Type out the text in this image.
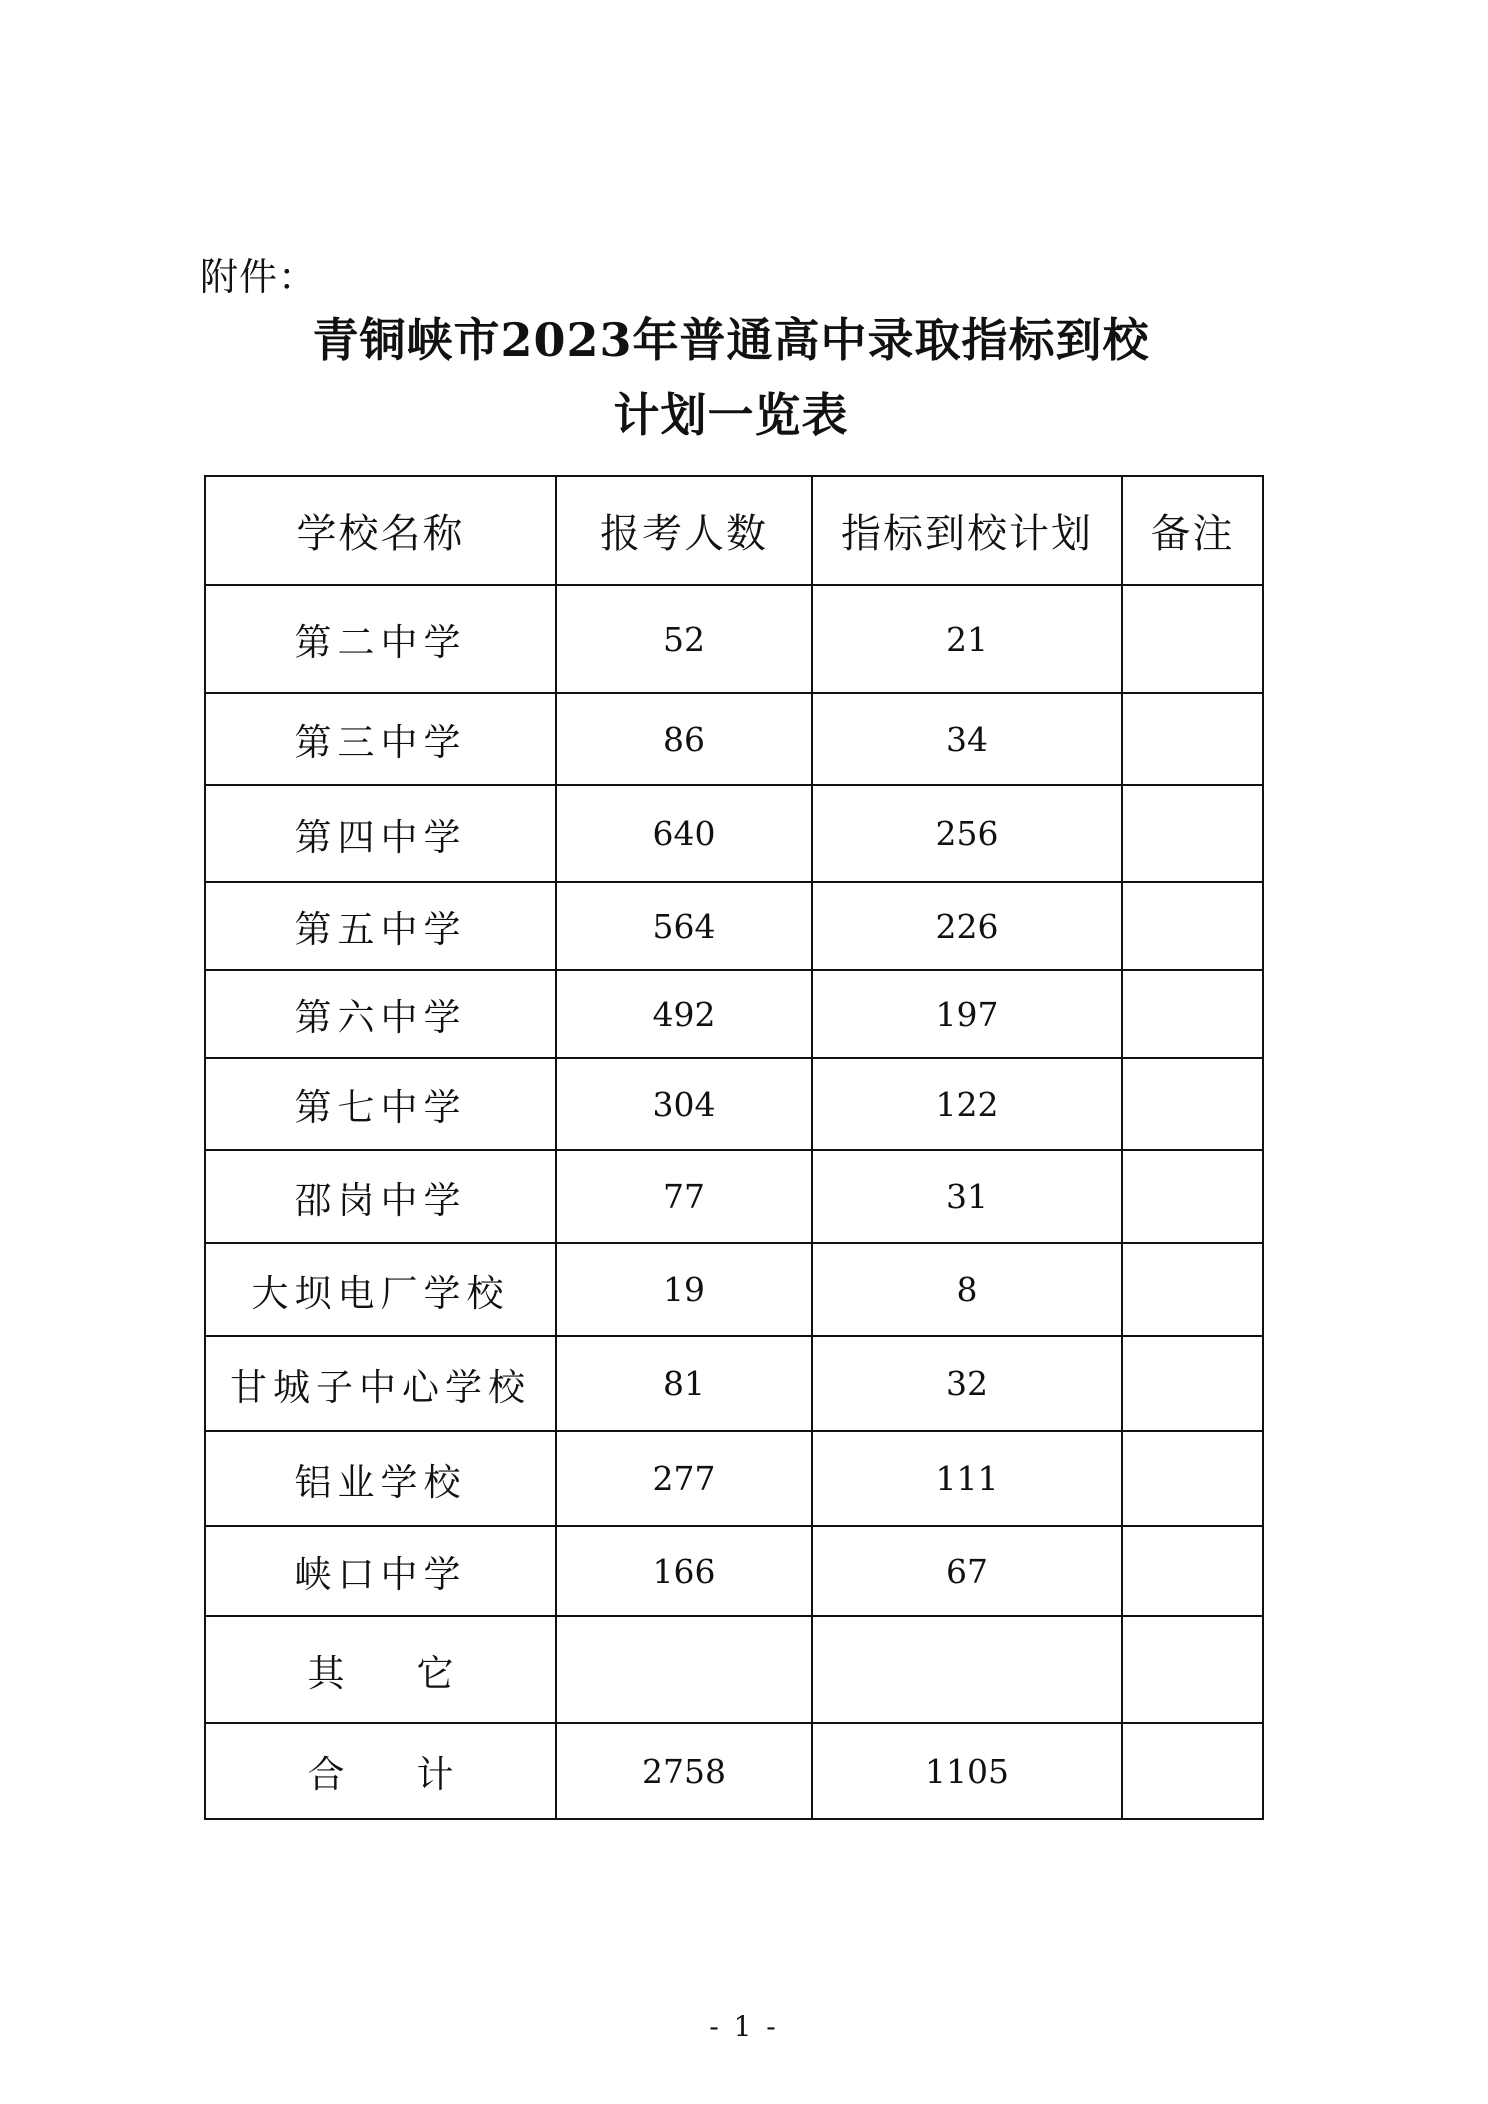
附件：
青铜峡市2023年普通高中录取指标到校
计划一览表
学校名称	报考人数	指标到校计划	备注
第二中学	52	21	
第三中学	86	34	
第四中学	640	256	
第五中学	564	226	
第六中学	492	197	
第七中学	304	122	
邵岗中学	77	31	
大坝电厂学校	19	8	
甘城子中心学校	81	32	
铝业学校	277	111	
峡口中学	166	67	
其 它			
合 计	2758	1105	
- 1 -
